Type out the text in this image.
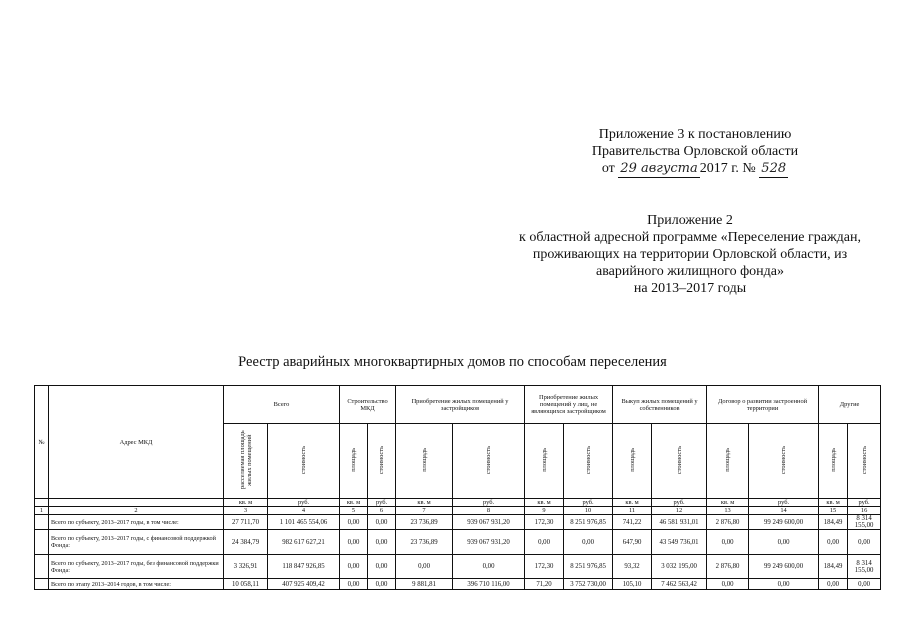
Приложение 3 к постановлению
Правительства Орловской области
от 29 августа 2017 г. № 528
Приложение 2
к областной адресной программе «Переселение граждан,
проживающих на территории Орловской области, из
аварийного жилищного фонда»
на 2013–2017 годы
Реестр аварийных многоквартирных домов по способам переселения
№	Адрес МКД	Всего		Строительство МКД		Приобретение жилых помещений у застройщиков		Приобретение жилых помещений у лиц, не являющихся застройщиком		Выкуп жилых помещений у собственников		Договор о развитии застроенной территории		Другие	
		расселяемая площадь жилых помещений	стоимость	площадь	стоимость	площадь	стоимость	площадь	стоимость	площадь	стоимость	площадь	стоимость	площадь	стоимость
		кв. м	руб.	кв. м	руб.	кв. м	руб.	кв. м	руб.	кв. м	руб.	кв. м	руб.	кв. м	руб.
1	2	3	4	5	6	7	8	9	10	11	12	13	14	15	16
	Всего по субъекту, 2013–2017 годы, в том числе:	27 711,70	1 101 465 554,06	0,00	0,00	23 736,89	939 067 931,20	172,30	8 251 976,85	741,22	46 581 931,01	2 876,80	99 249 600,00	184,49	8 314 155,00
	Всего по субъекту, 2013–2017 годы, с финансовой поддержкой Фонда:	24 384,79	982 617 627,21	0,00	0,00	23 736,89	939 067 931,20	0,00	0,00	647,90	43 549 736,01	0,00	0,00	0,00	0,00
	Всего по субъекту, 2013–2017 годы, без финансовой поддержки Фонда:	3 326,91	118 847 926,85	0,00	0,00	0,00	0,00	172,30	8 251 976,85	93,32	3 032 195,00	2 876,80	99 249 600,00	184,49	8 314 155,00
	Всего по этапу 2013–2014 годов, в том числе:	10 058,11	407 925 409,42	0,00	0,00	9 881,81	396 710 116,00	71,20	3 752 730,00	105,10	7 462 563,42	0,00	0,00	0,00	0,00
